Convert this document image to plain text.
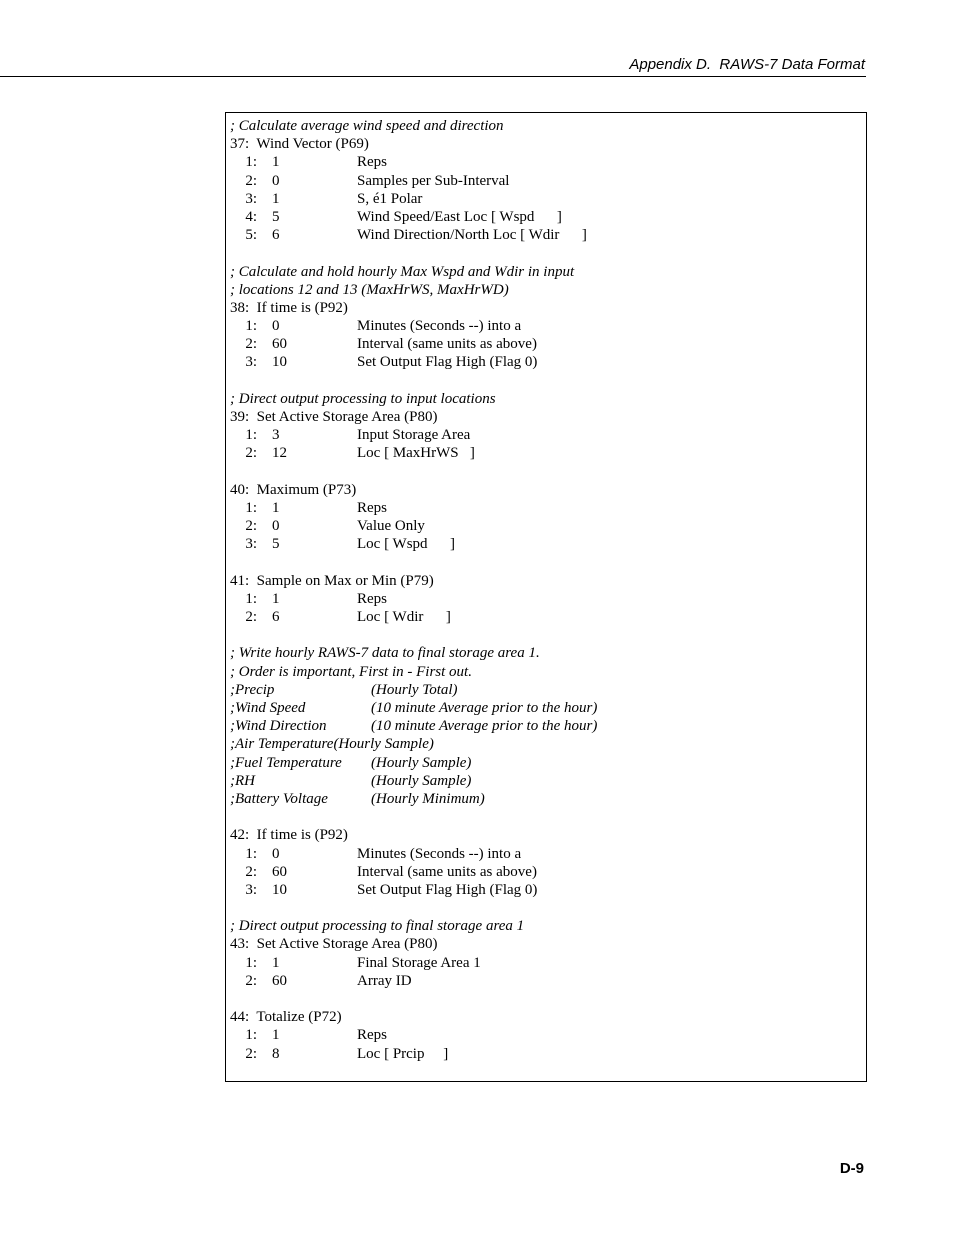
Appendix D.  RAWS-7 Data Format
; Calculate average wind speed and direction
37:  Wind Vector (P69)
1: 1	Reps
2: 0	Samples per Sub-Interval
3: 1	S, é1 Polar
4: 5	Wind Speed/East Loc [ Wspd      ]
5: 6	Wind Direction/North Loc [ Wdir      ]
; Calculate and hold hourly Max Wspd and Wdir in input
; locations 12 and 13 (MaxHrWS, MaxHrWD)
38:  If time is (P92)
1: 0	Minutes (Seconds --) into a
2: 60	Interval (same units as above)
3: 10	Set Output Flag High (Flag 0)
; Direct output processing to input locations
39:  Set Active Storage Area (P80)
1: 3	Input Storage Area
2: 12	Loc [ MaxHrWS   ]
40:  Maximum (P73)
1: 1	Reps
2: 0	Value Only
3: 5	Loc [ Wspd      ]
41:  Sample on Max or Min (P79)
1: 1	Reps
2: 6	Loc [ Wdir      ]
; Write hourly RAWS-7 data to final storage area 1.
; Order is important, First in - First out.
;Precip	(Hourly Total)
;Wind Speed	(10 minute Average prior to the hour)
;Wind Direction	(10 minute Average prior to the hour)
;Air Temperature(Hourly Sample)
;Fuel Temperature (Hourly Sample)
;RH	(Hourly Sample)
;Battery Voltage	(Hourly Minimum)
42:  If time is (P92)
1: 0	Minutes (Seconds --) into a
2: 60	Interval (same units as above)
3: 10	Set Output Flag High (Flag 0)
; Direct output processing to final storage area 1
43:  Set Active Storage Area (P80)
1: 1	Final Storage Area 1
2: 60	Array ID
44:  Totalize (P72)
1: 1	Reps
2: 8	Loc [ Prcip     ]
D-9
